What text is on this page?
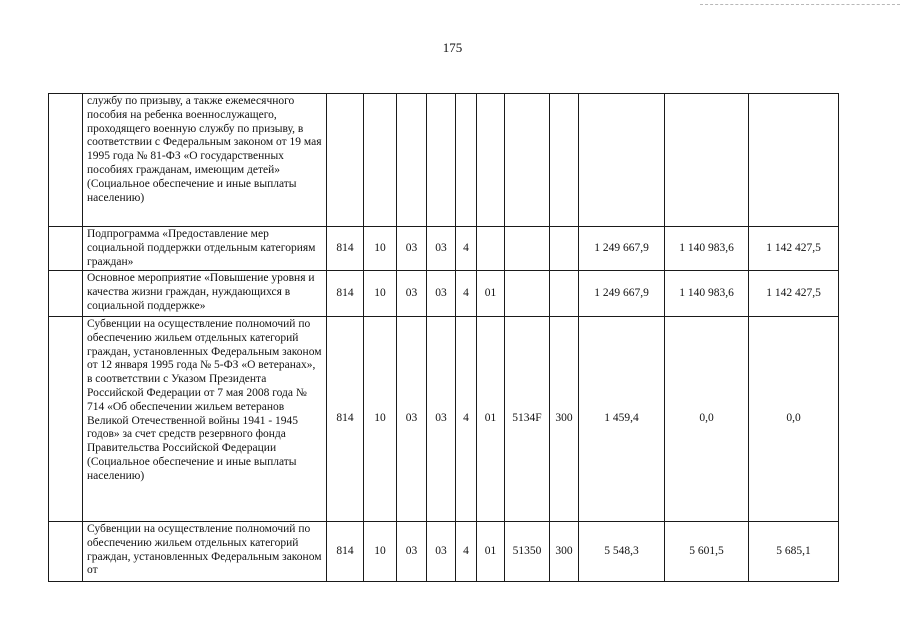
175
	службу по призыву, а также ежемесячного пособия на ребенка военнослужащего, проходящего военную службу по призыву, в соответствии с Федеральным законом от 19 мая 1995 года № 81-ФЗ «О государственных пособиях гражданам, имеющим детей» (Социальное обеспечение и иные выплаты населению)											
	Подпрограмма «Предоставление мер социальной поддержки отдельным категориям граждан»	814	10	03	03	4				1 249 667,9	1 140 983,6	1 142 427,5
	Основное мероприятие «Повышение уровня и качества жизни граждан, нуждающихся в социальной поддержке»	814	10	03	03	4	01			1 249 667,9	1 140 983,6	1 142 427,5
	Субвенции на осуществление полномочий по обеспечению жильем отдельных категорий граждан, установленных Федеральным законом от 12 января 1995 года № 5-ФЗ «О ветеранах», в соответствии с Указом Президента Российской Федерации от 7 мая 2008 года № 714 «Об обеспечении жильем ветеранов Великой Отечественной войны 1941 - 1945 годов» за счет средств резервного фонда Правительства Российской Федерации (Социальное обеспечение и иные выплаты населению)	814	10	03	03	4	01	5134F	300	1 459,4	0,0	0,0
	Субвенции на осуществление полномочий по обеспечению жильем отдельных категорий граждан, установленных Федеральным законом от	814	10	03	03	4	01	51350	300	5 548,3	5 601,5	5 685,1
